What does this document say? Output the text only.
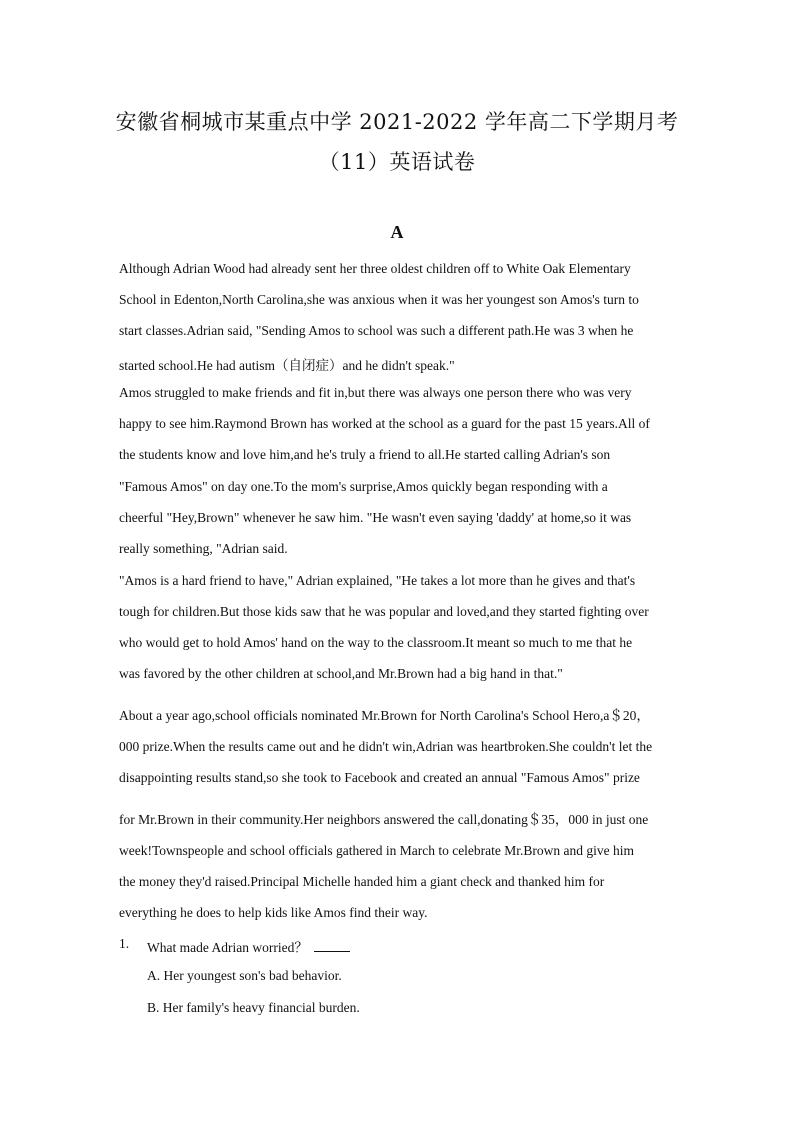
安徽省桐城市某重点中学 2021-2022 学年高二下学期月考
（11）英语试卷
A
Although Adrian Wood had already sent her three oldest children off to White Oak Elementary
School in Edenton,North Carolina,she was anxious when it was her youngest son Amos's turn to
start classes.Adrian said, "Sending Amos to school was such a different path.He was 3 when he
started school.He had autism（自闭症）and he didn't speak."
Amos struggled to make friends and fit in,but there was always one person there who was very
happy to see him.Raymond Brown has worked at the school as a guard for the past 15 years.All of
the students know and love him,and he's truly a friend to all.He started calling Adrian's son
"Famous Amos" on day one.To the mom's surprise,Amos quickly began responding with a
cheerful "Hey,Brown" whenever he saw him. "He wasn't even saying 'daddy' at home,so it was
really something, "Adrian said.
"Amos is a hard friend to have," Adrian explained, "He takes a lot more than he gives and that's
tough for children.But those kids saw that he was popular and loved,and they started fighting over
who would get to hold Amos' hand on the way to the classroom.It meant so much to me that he
was favored by the other children at school,and Mr.Brown had a big hand in that."
About a year ago,school officials nominated Mr.Brown for North Carolina's School Hero,a＄20，
000 prize.When the results came out and he didn't win,Adrian was heartbroken.She couldn't let the
disappointing results stand,so she took to Facebook and created an annual "Famous Amos" prize
for Mr.Brown in their community.Her neighbors answered the call,donating＄35，000 in just one
week!Townspeople and school officials gathered in March to celebrate Mr.Brown and give him
the money they'd raised.Principal Michelle handed him a giant check and thanked him for
everything he does to help kids like Amos find their way.
1. What made Adrian worried？
A. Her youngest son's bad behavior.
B. Her family's heavy financial burden.
